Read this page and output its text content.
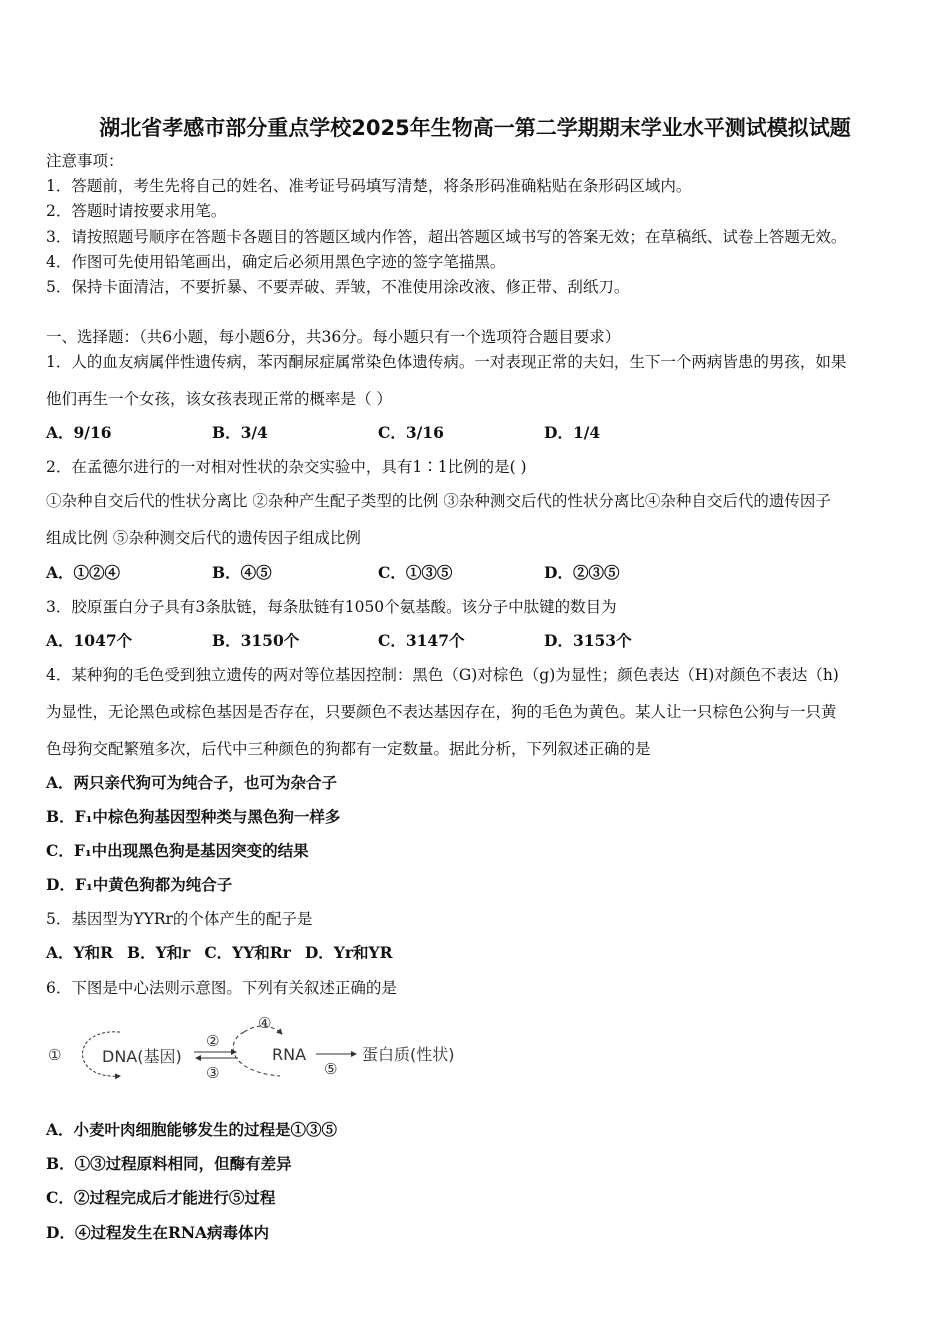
湖北省孝感市部分重点学校2025年生物高一第二学期期末学业水平测试模拟试题
注意事项：
1．答题前，考生先将自己的姓名、准考证号码填写清楚，将条形码准确粘贴在条形码区域内。
2．答题时请按要求用笔。
3．请按照题号顺序在答题卡各题目的答题区域内作答，超出答题区域书写的答案无效；在草稿纸、试卷上答题无效。
4．作图可先使用铅笔画出，确定后必须用黑色字迹的签字笔描黑。
5．保持卡面清洁，不要折暴、不要弄破、弄皱，不准使用涂改液、修正带、刮纸刀。
一、选择题：（共6小题，每小题6分，共36分。每小题只有一个选项符合题目要求）
1．人的血友病属伴性遗传病，苯丙酮尿症属常染色体遗传病。一对表现正常的夫妇，生下一个两病皆患的男孩，如果
他们再生一个女孩，该女孩表现正常的概率是（ ）
A．9/16	B．3/4	C．3/16	D．1/4
2．在孟德尔进行的一对相对性状的杂交实验中，具有1∶1比例的是( )
①杂种自交后代的性状分离比 ②杂种产生配子类型的比例 ③杂种测交后代的性状分离比④杂种自交后代的遗传因子
组成比例 ⑤杂种测交后代的遗传因子组成比例
A．①②④	B．④⑤	C．①③⑤	D．②③⑤
3．胶原蛋白分子具有3条肽链，每条肽链有1050个氨基酸。该分子中肽键的数目为
A．1047个	B．3150个	C．3147个	D．3153个
4．某种狗的毛色受到独立遗传的两对等位基因控制：黑色（G)对棕色（g)为显性；颜色表达（H)对颜色不表达（h)
为显性，无论黑色或棕色基因是否存在，只要颜色不表达基因存在，狗的毛色为黄色。某人让一只棕色公狗与一只黄
色母狗交配繁殖多次，后代中三种颜色的狗都有一定数量。据此分析，下列叙述正确的是
A．两只亲代狗可为纯合子，也可为杂合子
B．F₁中棕色狗基因型种类与黑色狗一样多
C．F₁中出现黑色狗是基因突变的结果
D．F₁中黄色狗都为纯合子
5．基因型为YYRr的个体产生的配子是
A．Y和R B．Y和r C．YY和Rr D．Yr和YR
6．下图是中心法则示意图。下列有关叙述正确的是
①	DNA(基因)
②
③
④
RNA
⑤
蛋白质(性状)
A．小麦叶肉细胞能够发生的过程是①③⑤
B．①③过程原料相同，但酶有差异
C．②过程完成后才能进行⑤过程
D．④过程发生在RNA病毒体内
